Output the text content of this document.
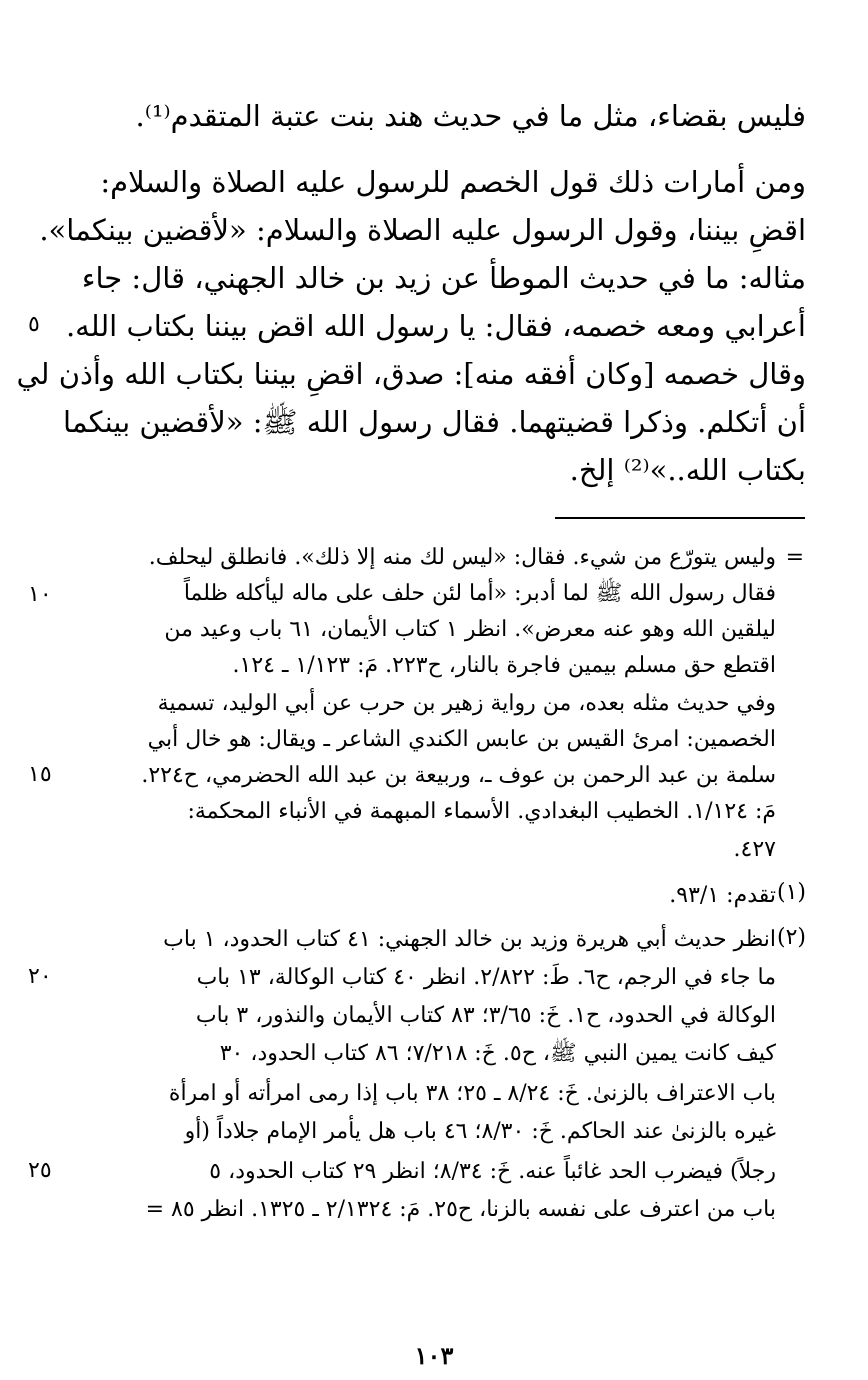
فليس بقضاء، مثل ما في حديث هند بنت عتبة المتقدم⁽¹⁾.
ومن أمارات ذلك قول الخصم للرسول عليه الصلاة والسلام:
اقضِ بيننا، وقول الرسول عليه الصلاة والسلام: «لأقضين بينكما».
مثاله: ما في حديث الموطأ عن زيد بن خالد الجهني، قال: جاء
أعرابي ومعه خصمه، فقال: يا رسول الله اقض بيننا بكتاب الله.
وقال خصمه [وكان أفقه منه]: صدق، اقضِ بيننا بكتاب الله وأذن لي
أن أتكلم. وذكرا قضيتهما. فقال رسول الله ﷺ: «لأقضين بينكما
بكتاب الله..»⁽²⁾ إلخ.
٥
=
وليس يتورّع من شيء. فقال: «ليس لك منه إلا ذلك». فانطلق ليحلف.
فقال رسول الله ﷺ لما أدبر: «أما لئن حلف على ماله ليأكله ظلماً
ليلقين الله وهو عنه معرض». انظر ١ كتاب الأيمان، ٦١ باب وعيد من
اقتطع حق مسلم بيمين فاجرة بالنار، ح٢٢٣. مَ: ١/١٢٣ ـ ١٢٤.
وفي حديث مثله بعده، من رواية زهير بن حرب عن أبي الوليد، تسمية
الخصمين: امرئ القيس بن عابس الكندي الشاعر ـ ويقال: هو خال أبي
سلمة بن عبد الرحمن بن عوف ـ، وربيعة بن عبد الله الحضرمي، ح٢٢٤.
مَ: ١/١٢٤. الخطيب البغدادي. الأسماء المبهمة في الأنباء المحكمة:
٤٢٧.
١٠
١٥
(١)
تقدم: ٩٣/١.
(٢)
انظر حديث أبي هريرة وزيد بن خالد الجهني: ٤١ كتاب الحدود، ١ باب
ما جاء في الرجم، ح٦. طَ: ٢/٨٢٢. انظر ٤٠ كتاب الوكالة، ١٣ باب
الوكالة في الحدود، ح١. خَ: ٣/٦٥؛ ٨٣ كتاب الأيمان والنذور، ٣ باب
كيف كانت يمين النبي ﷺ، ح٥. خَ: ٧/٢١٨؛ ٨٦ كتاب الحدود، ٣٠
باب الاعتراف بالزنىٰ. خَ: ٨/٢٤ ـ ٢٥؛ ٣٨ باب إذا رمى امرأته أو امرأة
غيره بالزنىٰ عند الحاكم. خَ: ٨/٣٠؛ ٤٦ باب هل يأمر الإمام جلاداً (أو
رجلاً) فيضرب الحد غائباً عنه. خَ: ٨/٣٤؛ انظر ٢٩ كتاب الحدود، ٥
باب من اعترف على نفسه بالزنا، ح٢٥. مَ: ٢/١٣٢٤ ـ ١٣٢٥. انظر ٨٥ =
٢٠
٢٥
١٠٣
